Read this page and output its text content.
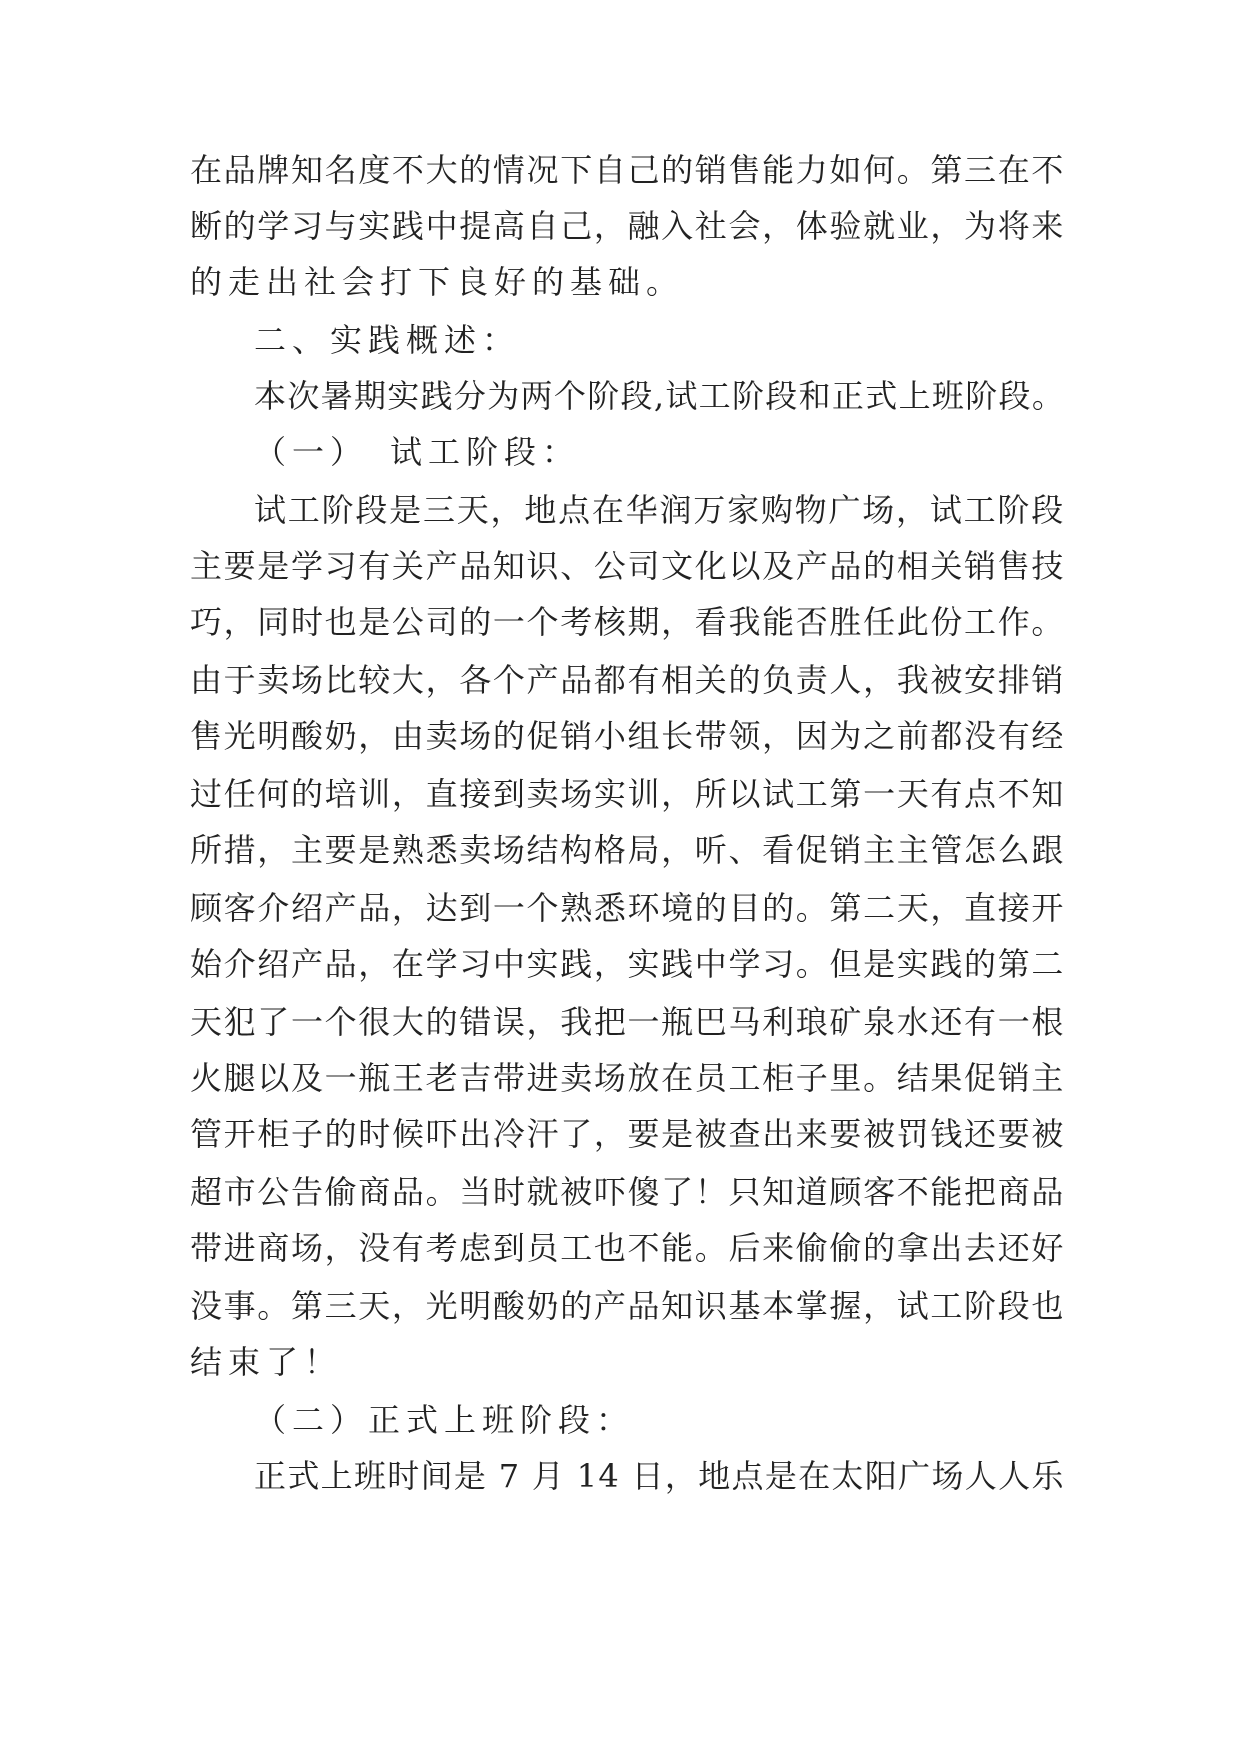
在品牌知名度不大的情况下自己的销售能力如何。第三在不
断的学习与实践中提高自己，融入社会，体验就业，为将来
的走出社会打下良好的基础。
二、实践概述：
本次暑期实践分为两个阶段,试工阶段和正式上班阶段。
（一）　试工阶段：
试工阶段是三天，地点在华润万家购物广场，试工阶段
主要是学习有关产品知识、公司文化以及产品的相关销售技
巧，同时也是公司的一个考核期，看我能否胜任此份工作。
由于卖场比较大，各个产品都有相关的负责人，我被安排销
售光明酸奶，由卖场的促销小组长带领，因为之前都没有经
过任何的培训，直接到卖场实训，所以试工第一天有点不知
所措，主要是熟悉卖场结构格局，听、看促销主主管怎么跟
顾客介绍产品，达到一个熟悉环境的目的。第二天，直接开
始介绍产品，在学习中实践，实践中学习。但是实践的第二
天犯了一个很大的错误，我把一瓶巴马利琅矿泉水还有一根
火腿以及一瓶王老吉带进卖场放在员工柜子里。结果促销主
管开柜子的时候吓出冷汗了，要是被查出来要被罚钱还要被
超市公告偷商品。当时就被吓傻了！只知道顾客不能把商品
带进商场，没有考虑到员工也不能。后来偷偷的拿出去还好
没事。第三天，光明酸奶的产品知识基本掌握，试工阶段也
结束了！
（二）正式上班阶段：
正式上班时间是 7 月 14 日，地点是在太阳广场人人乐
